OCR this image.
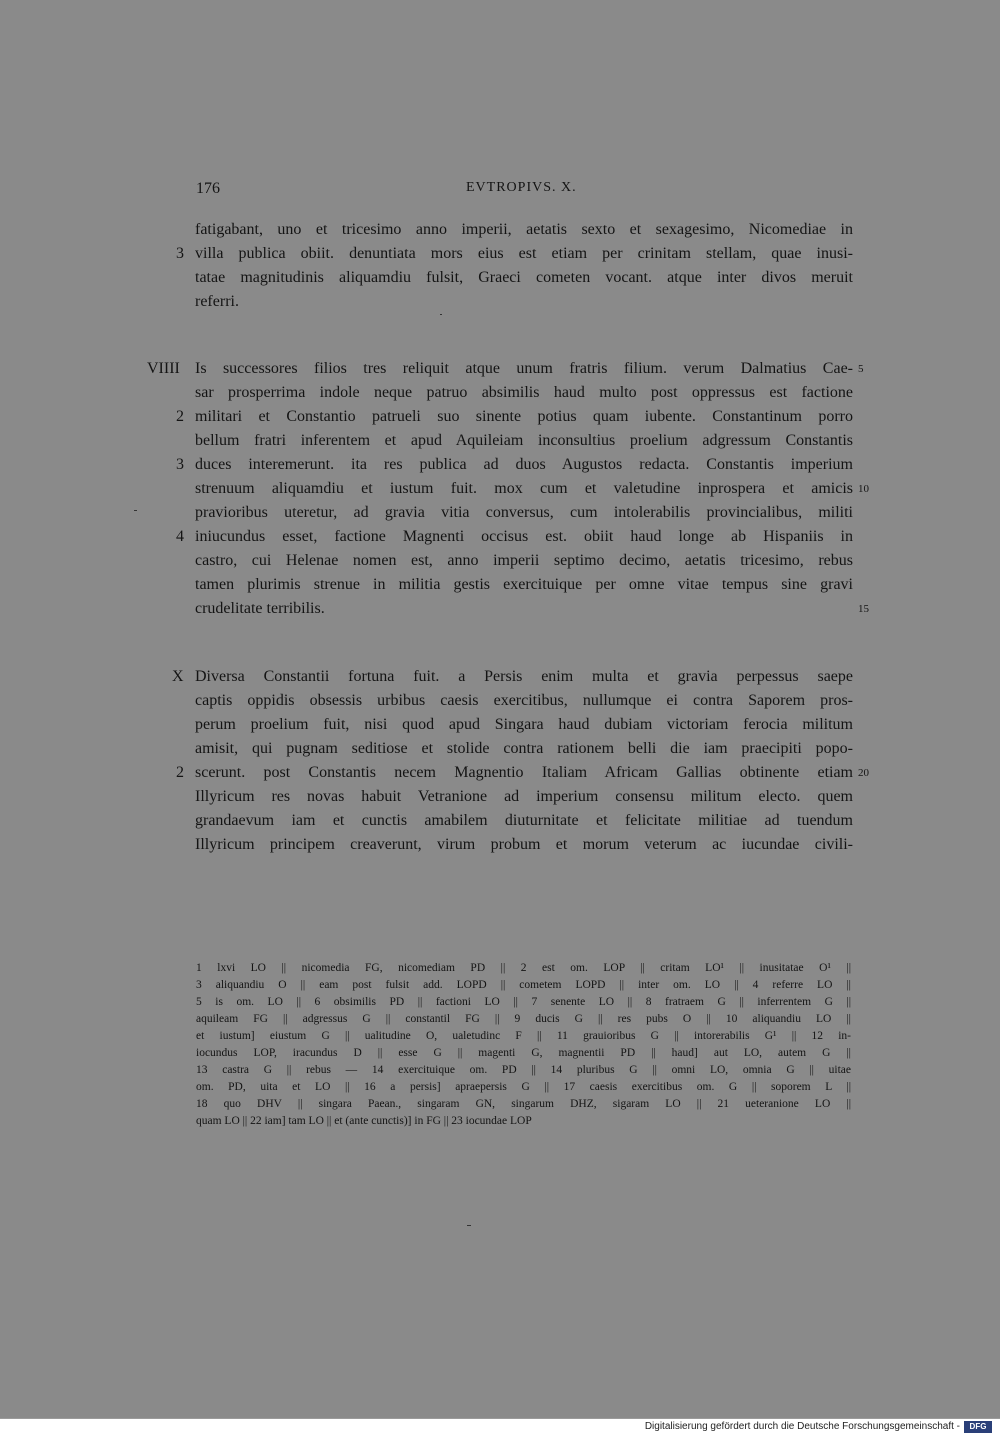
176	EVTROPIVS. X.
fatigabant, uno et tricesimo anno imperii, aetatis sexto et sexagesimo, Nicomediae in
villa publica obiit. denuntiata mors eius est etiam per crinitam stellam, quae inusi-
tatae magnitudinis aliquamdiu fulsit, Graeci cometen vocant. atque inter divos meruit
referri.
Is successores filios tres reliquit atque unum fratris filium. verum Dalmatius Cae-
sar prosperrima indole neque patruo absimilis haud multo post oppressus est factione
militari et Constantio patrueli suo sinente potius quam iubente. Constantinum porro
bellum fratri inferentem et apud Aquileiam inconsultius proelium adgressum Constantis
duces interemerunt. ita res publica ad duos Augustos redacta. Constantis imperium
strenuum aliquamdiu et iustum fuit. mox cum et valetudine inprospera et amicis
pravioribus uteretur, ad gravia vitia conversus, cum intolerabilis provincialibus, militi
iniucundus esset, factione Magnenti occisus est. obiit haud longe ab Hispaniis in
castro, cui Helenae nomen est, anno imperii septimo decimo, aetatis tricesimo, rebus
tamen plurimis strenue in militia gestis exercituique per omne vitae tempus sine gravi
crudelitate terribilis.
Diversa Constantii fortuna fuit. a Persis enim multa et gravia perpessus saepe
captis oppidis obsessis urbibus caesis exercitibus, nullumque ei contra Saporem pros-
perum proelium fuit, nisi quod apud Singara haud dubiam victoriam ferocia militum
amisit, qui pugnam seditiose et stolide contra rationem belli die iam praecipiti popo-
scerunt. post Constantis necem Magnentio Italiam Africam Gallias obtinente etiam
Illyricum res novas habuit Vetranione ad imperium consensu militum electo. quem
grandaevum iam et cunctis amabilem diuturnitate et felicitate militiae ad tuendum
Illyricum principem creaverunt, virum probum et morum veterum ac iucundae civili-
VIIII
X
3
2
3
4
2
5
10
15
20
1 lxvi LO || nicomedia FG, nicomediam PD || 2 est om. LOP || critam LO¹ || inusitatae O¹ ||
3 aliquandiu O || eam post fulsit add. LOPD || cometem LOPD || inter om. LO || 4 referre LO ||
5 is om. LO || 6 obsimilis PD || factioni LO || 7 senente LO || 8 fratraem G || inferrentem G ||
aquileam FG || adgressus G || constantil FG || 9 ducis G || res pubs O || 10 aliquandiu LO ||
et iustum] eiustum G || ualitudine O, ualetudinc F || 11 grauioribus G || intorerabilis G¹ || 12 in-
iocundus LOP, iracundus D || esse G || magenti G, magnentii PD || haud] aut LO, autem G ||
13 castra G || rebus — 14 exercituique om. PD || 14 pluribus G || omni LO, omnia G || uitae
om. PD, uita et LO || 16 a persis] apraepersis G || 17 caesis exercitibus om. G || soporem L ||
18 quo DHV || singara Paean., singaram GN, singarum DHZ, sigaram LO || 21 ueteranione LO ||
quam LO || 22 iam] tam LO || et (ante cunctis)] in FG || 23 iocundae LOP
Digitalisierung gefördert durch die Deutsche Forschungsgemeinschaft -	DFG
